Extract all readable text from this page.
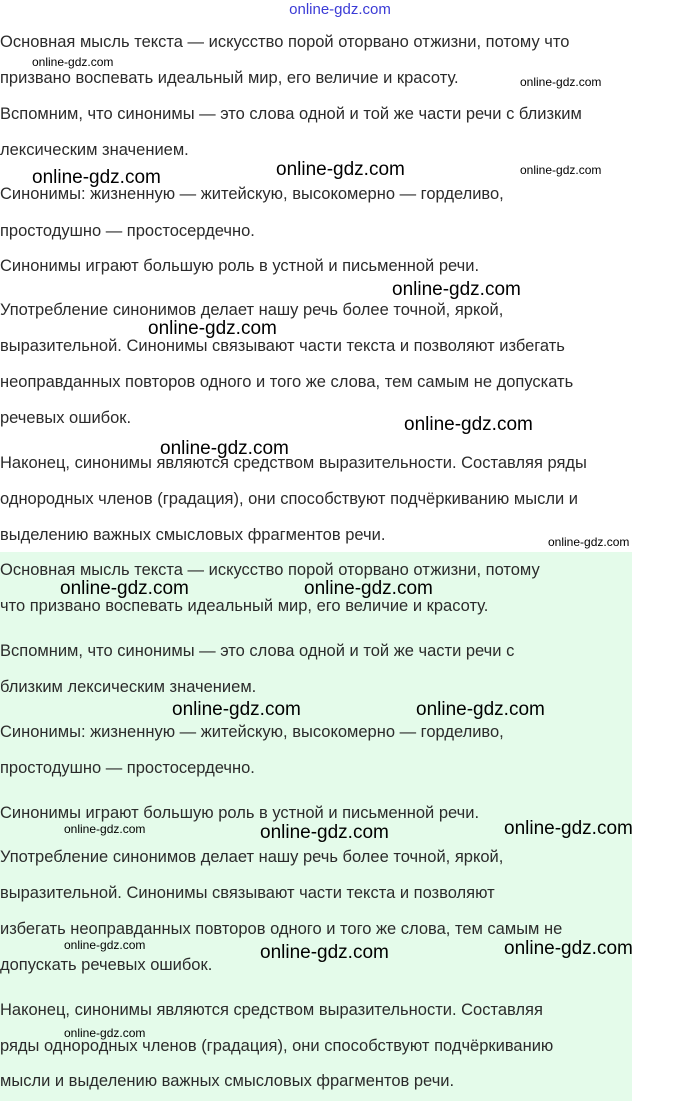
online-gdz.com

Основная мысль текста — искусство порой оторвано отжизни, потому что

призвано воспевать идеальный мир, его величие и красоту.

Вспомним, что синонимы — это слова одной и той же части речи с близким

лексическим значением.

Синонимы: жизненную — житейскую, высокомерно — горделиво,

простодушно — простосердечно.

Синонимы играют большую роль в устной и письменной речи.

Употребление синонимов делает нашу речь более точной, яркой,

выразительной. Синонимы связывают части текста и позволяют избегать

неоправданных повторов одного и того же слова, тем самым не допускать

речевых ошибок.

Наконец, синонимы являются средством выразительности. Составляя ряды

однородных членов (градация), они способствуют подчёркиванию мысли и

выделению важных смысловых фрагментов речи.

Основная мысль текста — искусство порой оторвано отжизни, потому

что призвано воспевать идеальный мир, его величие и красоту.

Вспомним, что синонимы — это слова одной и той же части речи с

близким лексическим значением.

Синонимы: жизненную — житейскую, высокомерно — горделиво,

простодушно — простосердечно.

Синонимы играют большую роль в устной и письменной речи.

Употребление синонимов делает нашу речь более точной, яркой,

выразительной. Синонимы связывают части текста и позволяют

избегать неоправданных повторов одного и того же слова, тем самым не

допускать речевых ошибок.

Наконец, синонимы являются средством выразительности. Составляя

ряды однородных членов (градация), они способствуют подчёркиванию

мысли и выделению важных смысловых фрагментов речи.

online-gdz.com
online-gdz.com
online-gdz.com	online-gdz.com
online-gdz.com
online-gdz.com
online-gdz.com
online-gdz.com
online-gdz.com
online-gdz.com
online-gdz.com	online-gdz.com
online-gdz.com	online-gdz.com
online-gdz.com	online-gdz.com	online-gdz.com
online-gdz.com	online-gdz.com	online-gdz.com
online-gdz.com
